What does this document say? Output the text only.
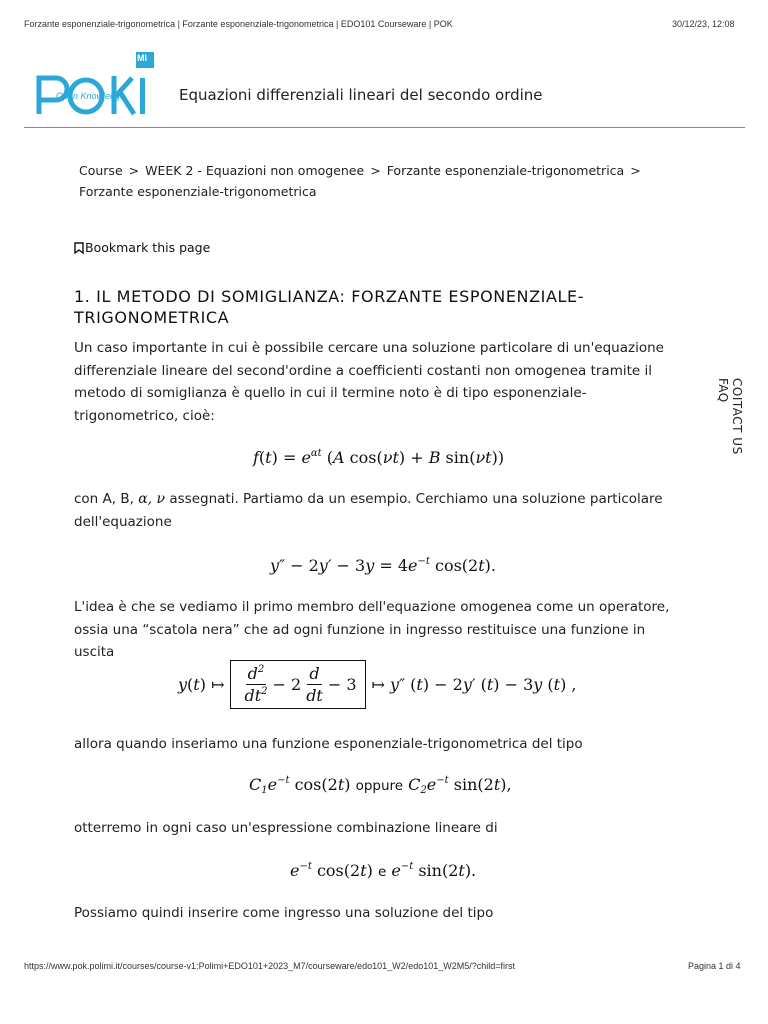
Forzante esponenziale-trigonometrica | Forzante esponenziale-trigonometrica | EDO101 Courseware | POK	30/12/23, 12:08
MI
Open Knowledge	Equazioni differenziali lineari del secondo ordine
Course > WEEK 2 - Equazioni non omogenee > Forzante esponenziale-trigonometrica >
Forzante esponenziale-trigonometrica
Bookmark this page
COITACT US FAQ
1. IL METODO DI SOMIGLIANZA: FORZANTE ESPONENZIALE-TRIGONOMETRICA
Un caso importante in cui è possibile cercare una soluzione particolare di un'equazione differenziale lineare del second'ordine a coefficienti costanti non omogenea tramite il metodo di somiglianza è quello in cui il termine noto è di tipo esponenziale-trigonometrico, cioè:
$f(t) = e^{\alpha t}$ (A cos(νt) + B sin(νt))
con A, B, α, ν assegnati. Partiamo da un esempio. Cerchiamo una soluzione particolare dell'equazione
$y'' - 2y' - 3y = 4e^{-t}$ cos(2t).
L'idea è che se vediamo il primo membro dell'equazione omogenea come un operatore, ossia una “scatola nera” che ad ogni funzione in ingresso restituisce una funzione in uscita
y(t) ↦ $\frac{d^2}{dt^2} - 2 \frac{d}{dt} - 3$ ↦ y″ (t) − 2y′ (t) − 3y (t) ,
allora quando inseriamo una funzione esponenziale-trigonometrica del tipo
$C_1e^{-t}$ cos(2t) oppure $C_2e^{-t}$ sin(2t),
otterremo in ogni caso un'espressione combinazione lineare di
$e^{-t}$ cos(2t) e $e^{-t}$ sin(2t).
Possiamo quindi inserire come ingresso una soluzione del tipo
https://www.pok.polimi.it/courses/course-v1:Polimi+EDO101+2023_M7/courseware/edo101_W2/edo101_W2M5/?child=first	Pagina 1 di 4
